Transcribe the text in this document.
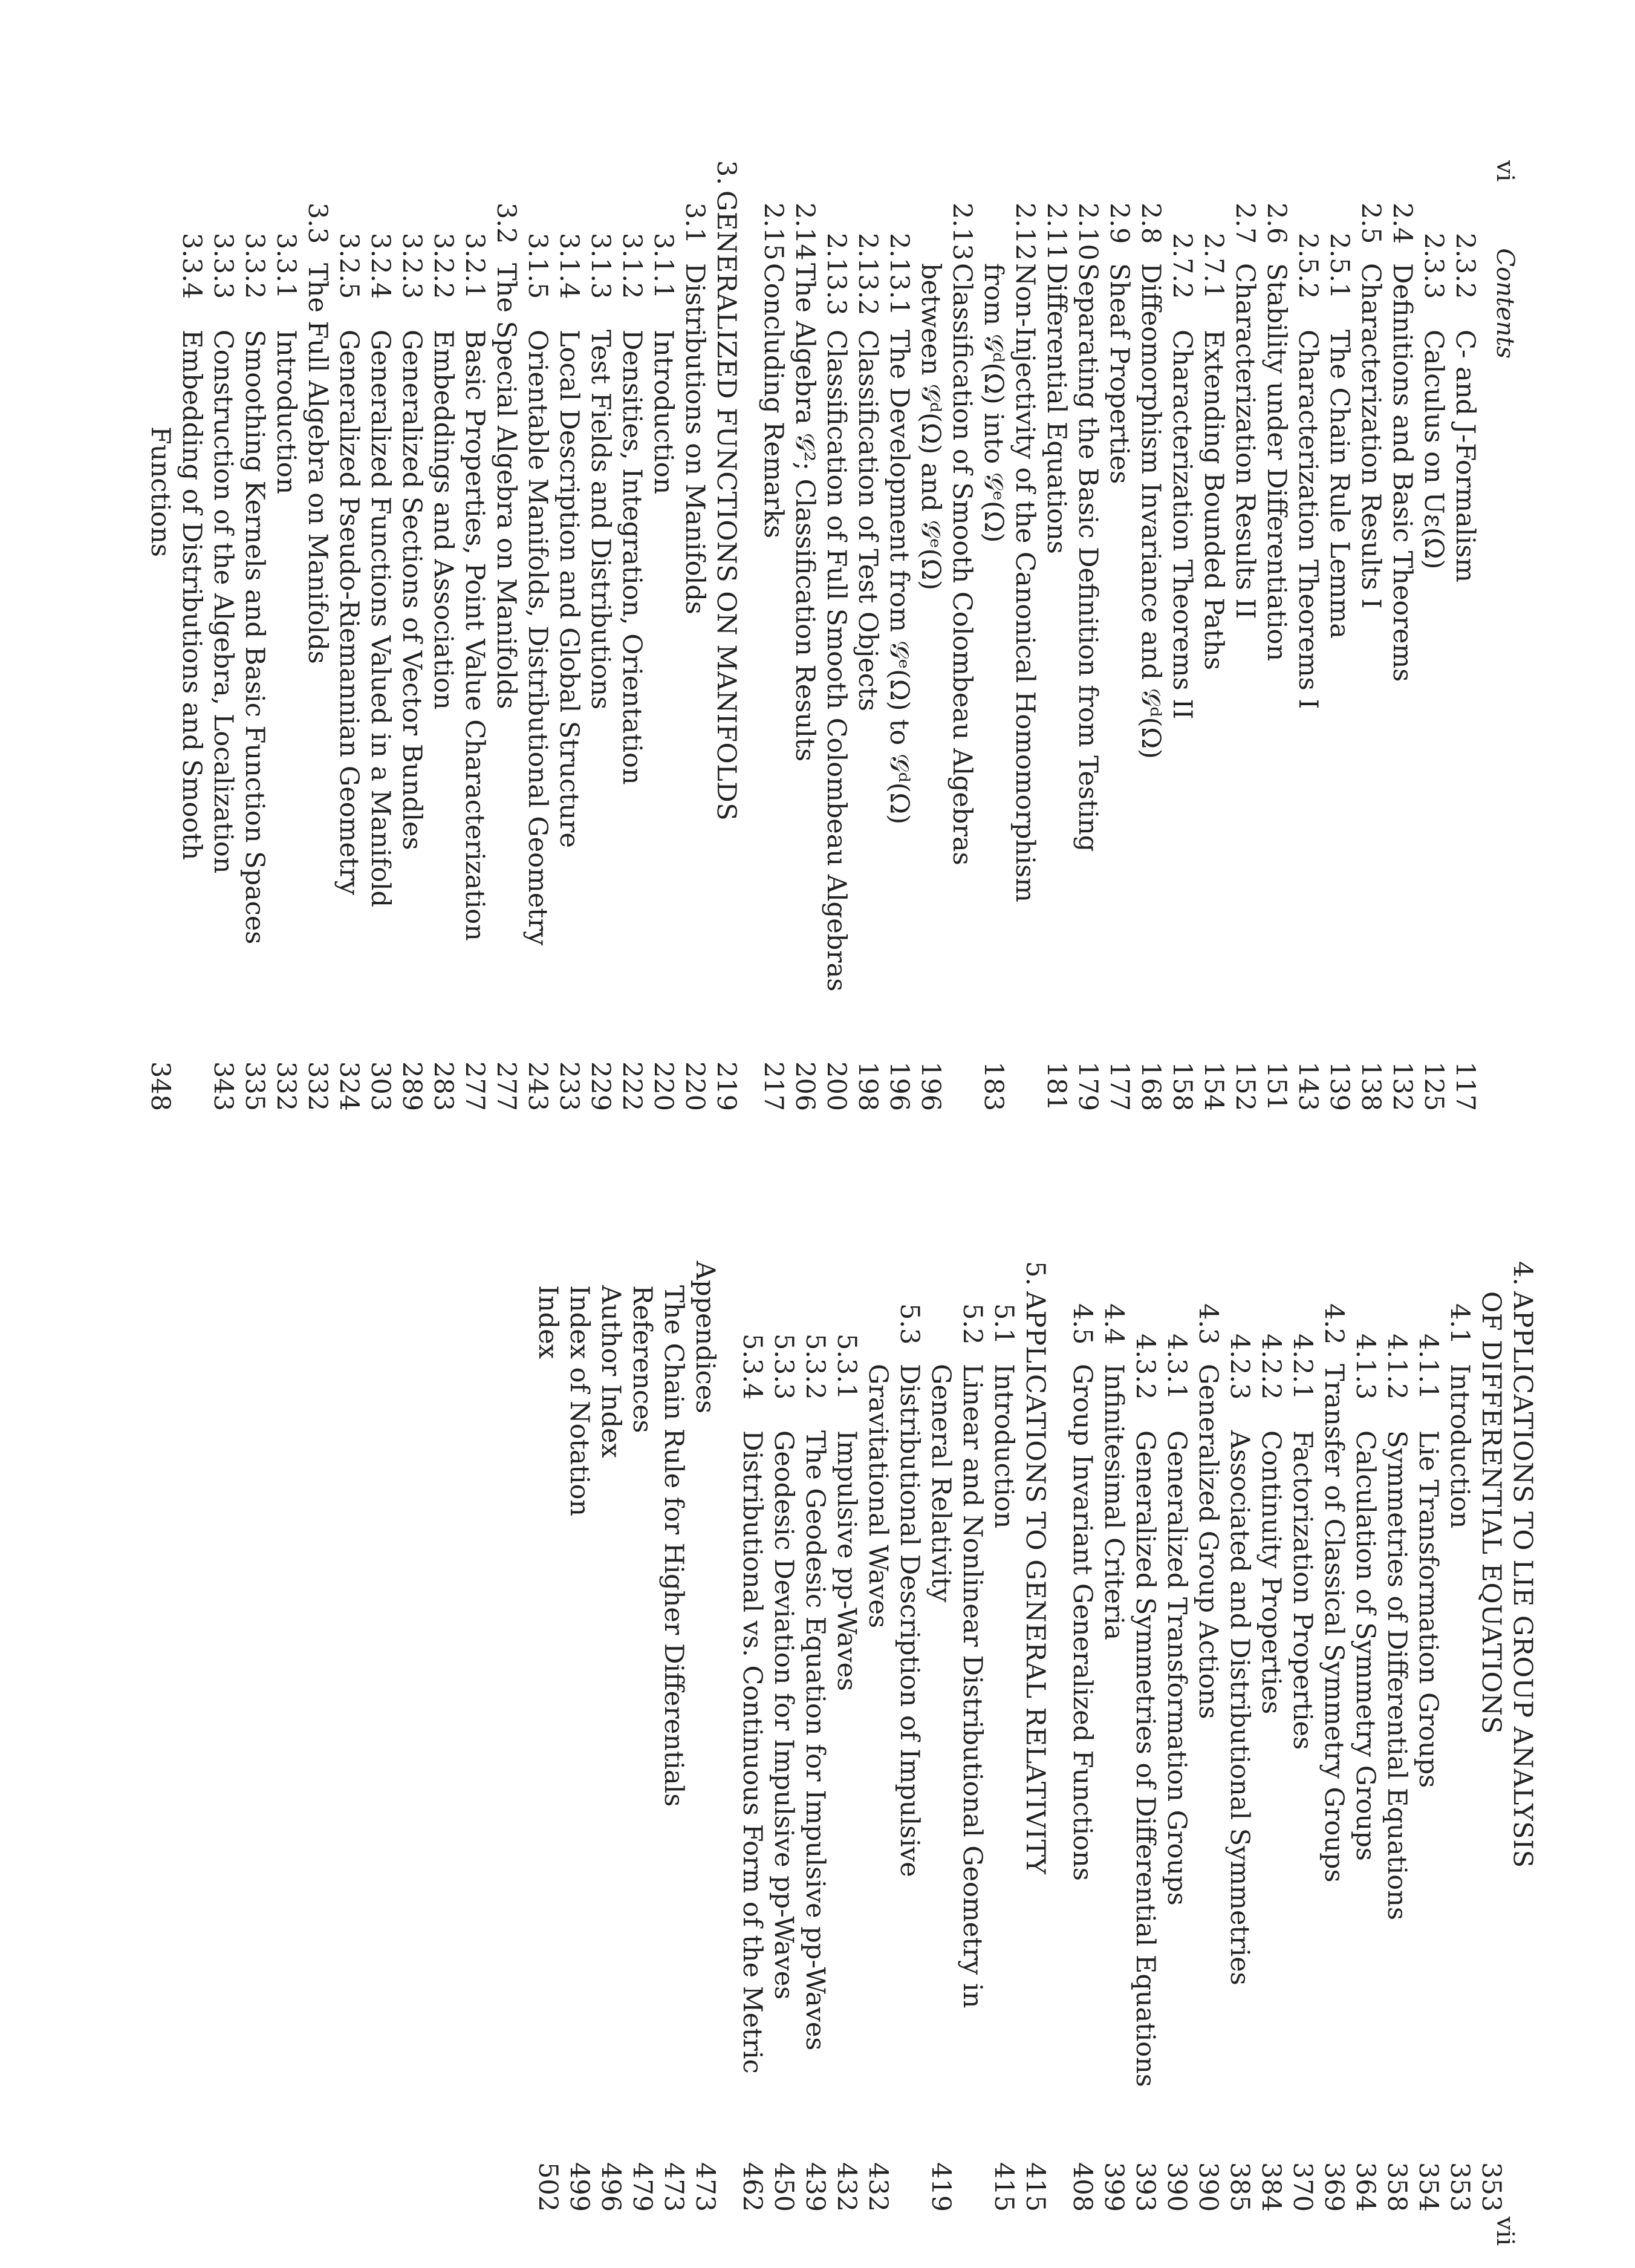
viContents
2.3.2
C- and J-Formalism
117
2.3.3
Calculus on Uε(Ω)
125
2.4
Definitions and Basic Theorems
132
2.5
Characterization Results I
138
2.5.1
The Chain Rule Lemma
139
2.5.2
Characterization Theorems I
143
2.6
Stability under Differentiation
151
2.7
Characterization Results II
152
2.7.1
Extending Bounded Paths
154
2.7.2
Characterization Theorems II
158
2.8
Diffeomorphism Invariance and 𝒢ᵈ(Ω)
168
2.9
Sheaf Properties
177
2.10
Separating the Basic Definition from Testing
179
2.11
Differential Equations
181
2.12
Non-Injectivity of the Canonical Homomorphism
from 𝒢ᵈ(Ω) into 𝒢ᵉ(Ω)
183
2.13
Classification of Smooth Colombeau Algebras
between 𝒢ᵈ(Ω) and 𝒢ᵉ(Ω)
196
2.13.1
The Development from 𝒢ᵉ(Ω) to 𝒢ᵈ(Ω)
196
2.13.2
Classification of Test Objects
198
2.13.3
Classification of Full Smooth Colombeau Algebras
200
2.14
The Algebra 𝒢²; Classification Results
206
2.15
Concluding Remarks
217
3.
GENERALIZED FUNCTIONS ON MANIFOLDS
219
3.1
Distributions on Manifolds
220
3.1.1
Introduction
220
3.1.2
Densities, Integration, Orientation
222
3.1.3
Test Fields and Distributions
229
3.1.4
Local Description and Global Structure
233
3.1.5
Orientable Manifolds, Distributional Geometry
243
3.2
The Special Algebra on Manifolds
277
3.2.1
Basic Properties, Point Value Characterization
277
3.2.2
Embeddings and Association
283
3.2.3
Generalized Sections of Vector Bundles
289
3.2.4
Generalized Functions Valued in a Manifold
303
3.2.5
Generalized Pseudo-Riemannian Geometry
324
3.3
The Full Algebra on Manifolds
332
3.3.1
Introduction
332
3.3.2
Smoothing Kernels and Basic Function Spaces
335
3.3.3
Construction of the Algebra, Localization
343
3.3.4
Embedding of Distributions and Smooth
Functions
348
vii
4.
APPLICATIONS TO LIE GROUP ANALYSIS
OF DIFFERENTIAL EQUATIONS
353
4.1
Introduction
353
4.1.1
Lie Transformation Groups
354
4.1.2
Symmetries of Differential Equations
358
4.1.3
Calculation of Symmetry Groups
364
4.2
Transfer of Classical Symmetry Groups
369
4.2.1
Factorization Properties
370
4.2.2
Continuity Properties
384
4.2.3
Associated and Distributional Symmetries
385
4.3
Generalized Group Actions
390
4.3.1
Generalized Transformation Groups
390
4.3.2
Generalized Symmetries of Differential Equations
393
4.4
Infinitesimal Criteria
399
4.5
Group Invariant Generalized Functions
408
5.
APPLICATIONS TO GENERAL RELATIVITY
415
5.1
Introduction
415
5.2
Linear and Nonlinear Distributional Geometry in
General Relativity
419
5.3
Distributional Description of Impulsive
Gravitational Waves
432
5.3.1
Impulsive pp-Waves
432
5.3.2
The Geodesic Equation for Impulsive pp-Waves
439
5.3.3
Geodesic Deviation for Impulsive pp-Waves
450
5.3.4
Distributional vs. Continuous Form of the Metric
462
Appendices
473
The Chain Rule for Higher Differentials
473
References
479
Author Index
496
Index of Notation
499
Index
502
